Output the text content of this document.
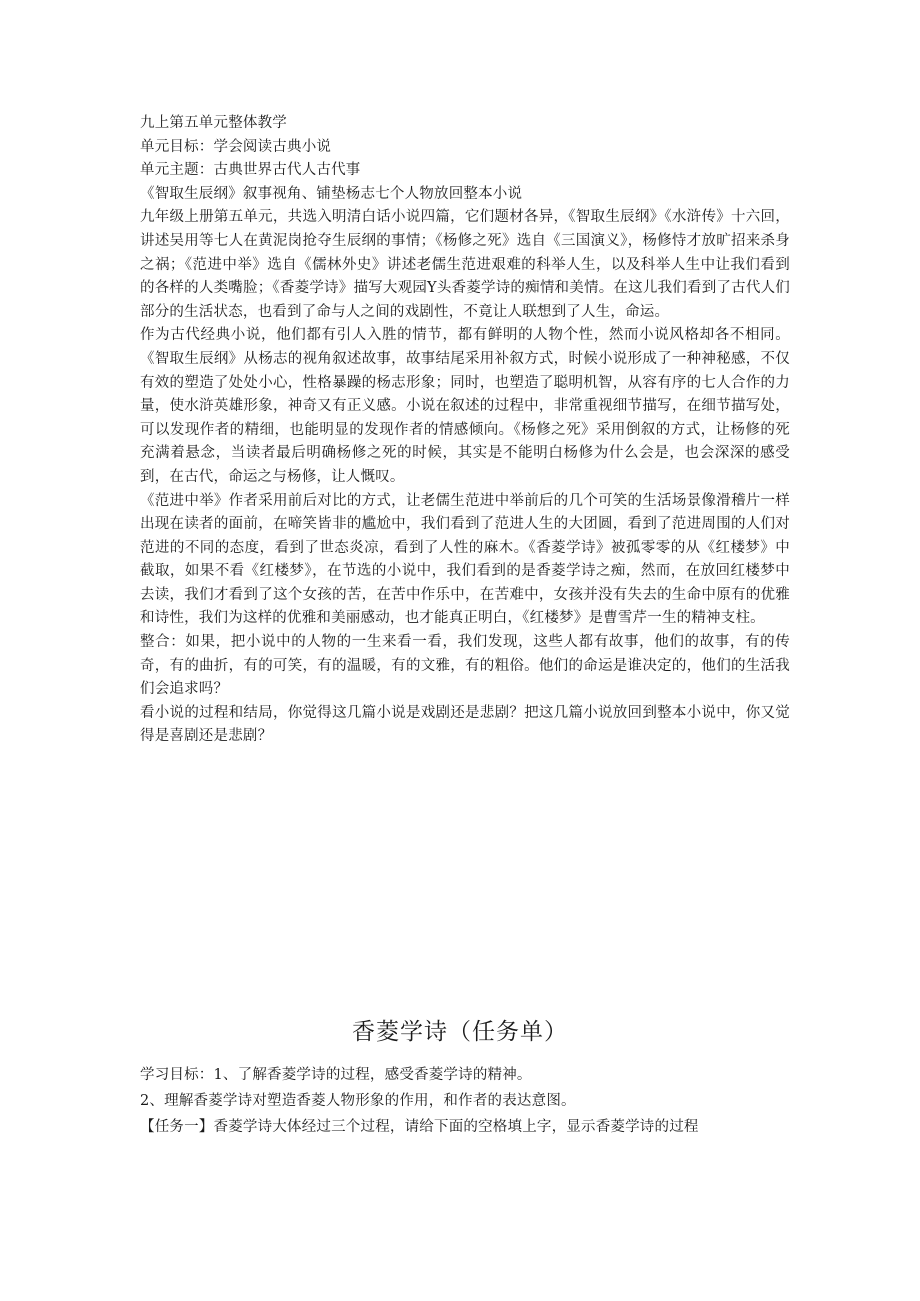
九上第五单元整体教学

单元目标：学会阅读古典小说

单元主题：古典世界古代人古代事

《智取生辰纲》叙事视角、铺垫杨志七个人物放回整本小说

九年级上册第五单元，共选入明清白话小说四篇，它们题材各异，《智取生辰纲》《水浒传》十六回，讲述吴用等七人在黄泥岗抢夺生辰纲的事情；《杨修之死》选自《三国演义》，杨修恃才放旷招来杀身之祸；《范进中举》选自《儒林外史》讲述老儒生范进艰难的科举人生，以及科举人生中让我们看到的各样的人类嘴脸；《香菱学诗》描写大观园Y头香菱学诗的痴情和美情。在这儿我们看到了古代人们部分的生活状态，也看到了命与人之间的戏剧性，不竟让人联想到了人生，命运。

作为古代经典小说，他们都有引人入胜的情节，都有鲜明的人物个性，然而小说风格却各不相同。《智取生辰纲》从杨志的视角叙述故事，故事结尾采用补叙方式，时候小说形成了一种神秘感，不仅有效的塑造了处处小心，性格暴躁的杨志形象；同时，也塑造了聪明机智，从容有序的七人合作的力量，使水浒英雄形象，神奇又有正义感。小说在叙述的过程中，非常重视细节描写，在细节描写处，可以发现作者的精细，也能明显的发现作者的情感倾向。《杨修之死》采用倒叙的方式，让杨修的死充满着悬念，当读者最后明确杨修之死的时候，其实是不能明白杨修为什么会是，也会深深的感受到，在古代，命运之与杨修，让人慨叹。

《范进中举》作者采用前后对比的方式，让老儒生范进中举前后的几个可笑的生活场景像滑稽片一样出现在读者的面前，在啼笑皆非的尴尬中，我们看到了范进人生的大团圆，看到了范进周围的人们对范进的不同的态度，看到了世态炎凉，看到了人性的麻木。《香菱学诗》被孤零零的从《红楼梦》中截取，如果不看《红楼梦》，在节选的小说中，我们看到的是香菱学诗之痴，然而，在放回红楼梦中去读，我们才看到了这个女孩的苦，在苦中作乐中，在苦难中，女孩并没有失去的生命中原有的优雅和诗性，我们为这样的优雅和美丽感动，也才能真正明白，《红楼梦》是曹雪芹一生的精神支柱。

整合：如果，把小说中的人物的一生来看一看，我们发现，这些人都有故事，他们的故事，有的传奇，有的曲折，有的可笑，有的温暖，有的文雅，有的粗俗。他们的命运是谁决定的，他们的生活我们会追求吗？

看小说的过程和结局，你觉得这几篇小说是戏剧还是悲剧？把这几篇小说放回到整本小说中，你又觉得是喜剧还是悲剧？

香菱学诗（任务单）

学习目标：1、了解香菱学诗的过程，感受香菱学诗的精神。

2、理解香菱学诗对塑造香菱人物形象的作用，和作者的表达意图。

【任务一】香菱学诗大体经过三个过程，请给下面的空格填上字，显示香菱学诗的过程
